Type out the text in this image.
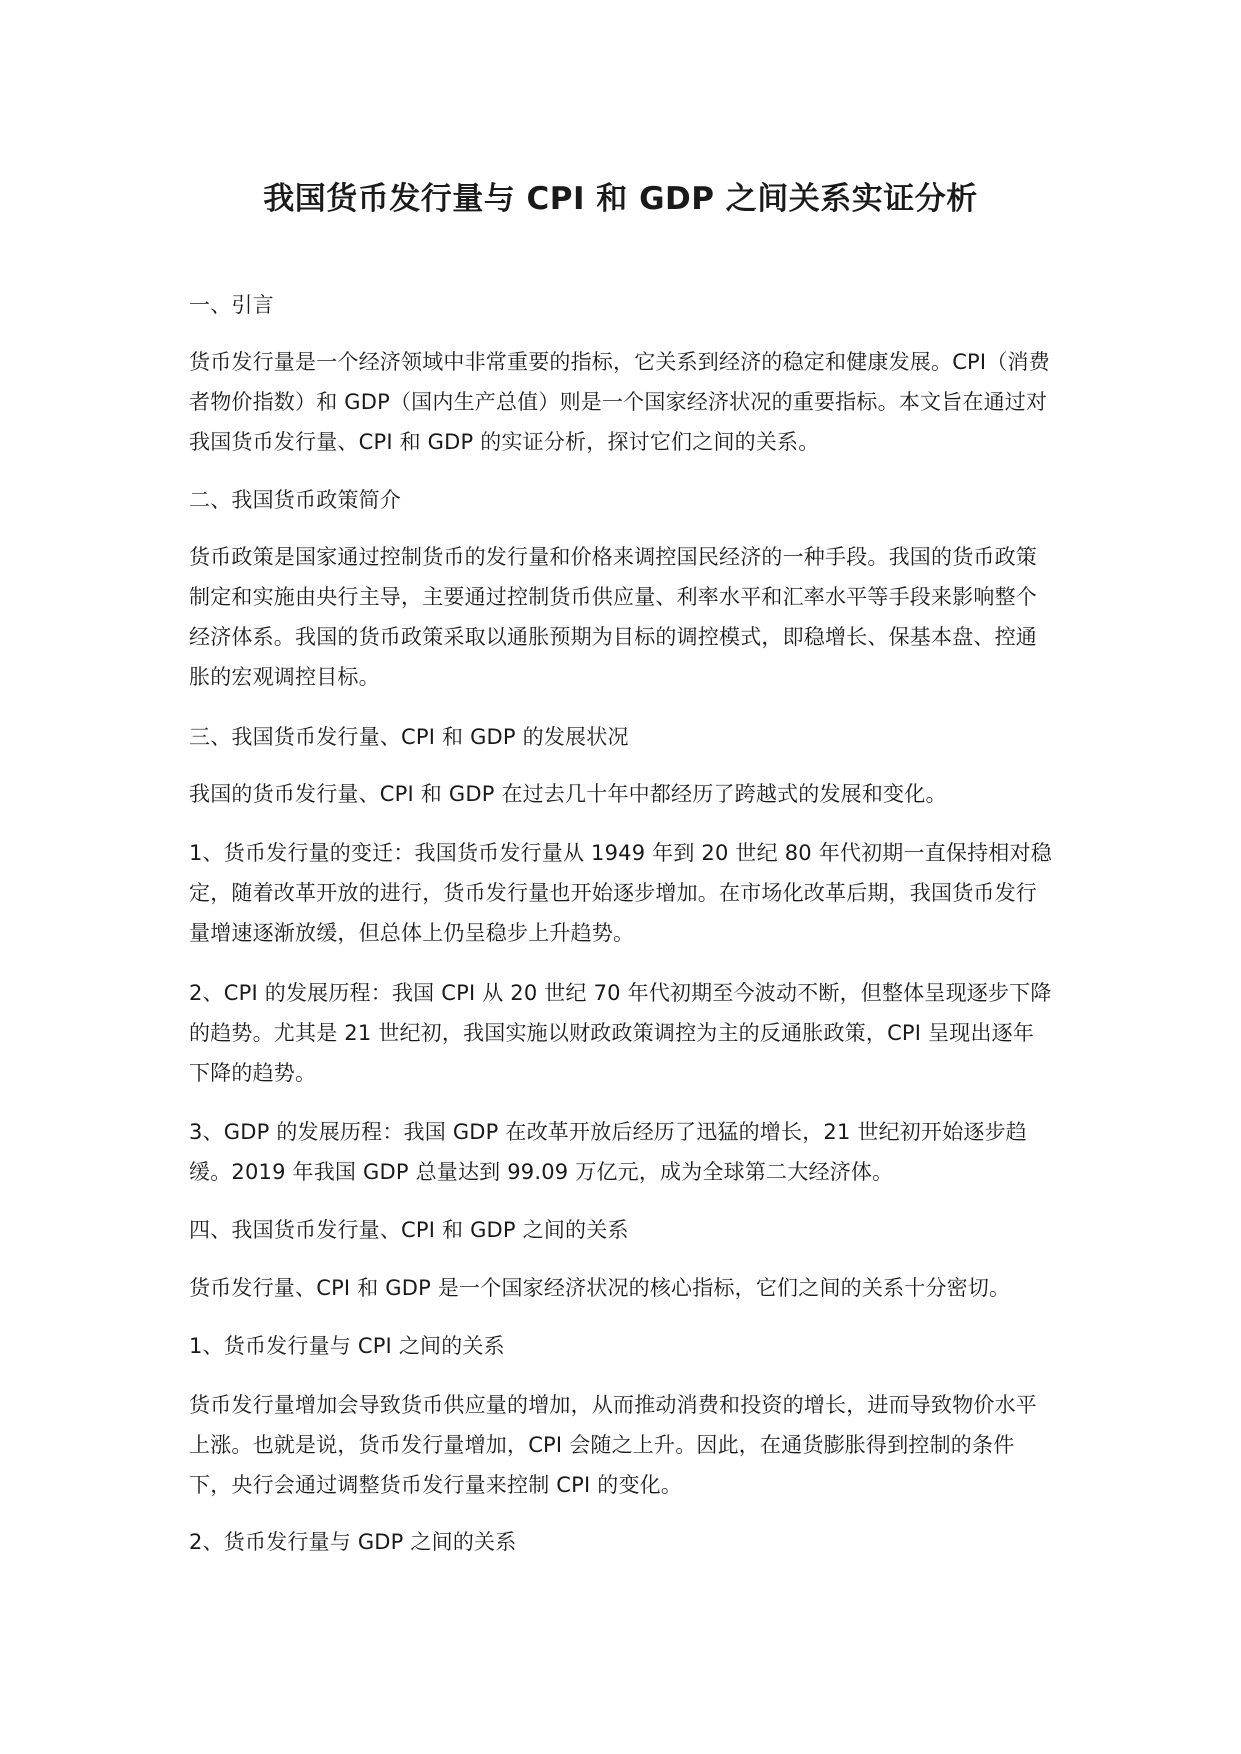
我国货币发行量与 CPI 和 GDP 之间关系实证分析
一、引言
货币发行量是一个经济领域中非常重要的指标，它关系到经济的稳定和健康发展。CPI（消费者物价指数）和 GDP（国内生产总值）则是一个国家经济状况的重要指标。本文旨在通过对我国货币发行量、CPI 和 GDP 的实证分析，探讨它们之间的关系。
二、我国货币政策简介
货币政策是国家通过控制货币的发行量和价格来调控国民经济的一种手段。我国的货币政策制定和实施由央行主导，主要通过控制货币供应量、利率水平和汇率水平等手段来影响整个经济体系。我国的货币政策采取以通胀预期为目标的调控模式，即稳增长、保基本盘、控通胀的宏观调控目标。
三、我国货币发行量、CPI 和 GDP 的发展状况
我国的货币发行量、CPI 和 GDP 在过去几十年中都经历了跨越式的发展和变化。
1、货币发行量的变迁：我国货币发行量从 1949 年到 20 世纪 80 年代初期一直保持相对稳定，随着改革开放的进行，货币发行量也开始逐步增加。在市场化改革后期，我国货币发行量增速逐渐放缓，但总体上仍呈稳步上升趋势。
2、CPI 的发展历程：我国 CPI 从 20 世纪 70 年代初期至今波动不断，但整体呈现逐步下降的趋势。尤其是 21 世纪初，我国实施以财政政策调控为主的反通胀政策，CPI 呈现出逐年下降的趋势。
3、GDP 的发展历程：我国 GDP 在改革开放后经历了迅猛的增长，21 世纪初开始逐步趋缓。2019 年我国 GDP 总量达到 99.09 万亿元，成为全球第二大经济体。
四、我国货币发行量、CPI 和 GDP 之间的关系
货币发行量、CPI 和 GDP 是一个国家经济状况的核心指标，它们之间的关系十分密切。
1、货币发行量与 CPI 之间的关系
货币发行量增加会导致货币供应量的增加，从而推动消费和投资的增长，进而导致物价水平上涨。也就是说，货币发行量增加，CPI 会随之上升。因此，在通货膨胀得到控制的条件下，央行会通过调整货币发行量来控制 CPI 的变化。
2、货币发行量与 GDP 之间的关系
